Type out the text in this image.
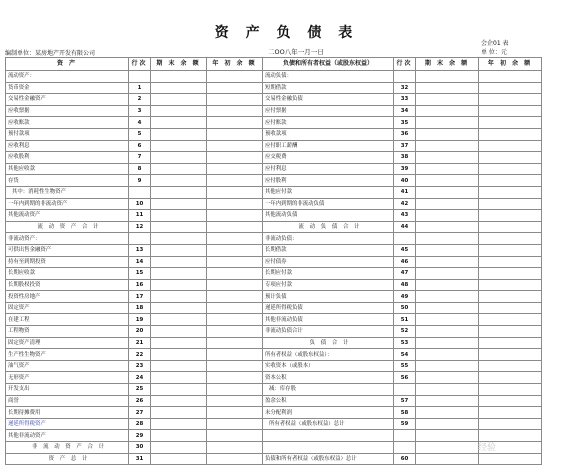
资 产 负 债 表
会企01 表
单 位：元
编制单位：某房地产开发有限公司	二OO八年一月一日
资 产	行次	期 末 余 额	年 初 余 额	负债和所有者权益（或股东权益）	行次	期 末 余 额	年 初 余 额
流动资产：				流动负债：			
货币资金	1			短期借款	32		
交易性金融资产	2			交易性金融负债	33		
应收票据	3			应付票据	34		
应收账款	4			应付账款	35		
预付款项	5			预收款项	36		
应收利息	6			应付职工薪酬	37		
应收股利	7			应交税费	38		
其他应收款	8			应付利息	39		
存货	9			应付股利	40		
其中：消耗性生物资产				其他应付款	41		
一年内到期的非流动资产	10			一年内到期的非流动负债	42		
其他流动资产	11			其他流动负债	43		
流 动 资 产 合 计	12			流 动 负 债 合 计	44		
非流动资产：				非流动负债：			
可供出售金融资产	13			长期借款	45		
持有至到期投资	14			应付债券	46		
长期应收款	15			长期应付款	47		
长期股权投资	16			专项应付款	48		
投资性房地产	17			预计负债	49		
固定资产	18			递延所得税负债	50		
在建工程	19			其他非流动负债	51		
工程物资	20			非流动负债合计	52		
固定资产清理	21			负 债 合 计	53		
生产性生物资产	22			所有者权益（或股东权益）：	54		
油气资产	23			实收资本（或股本）	55		
无形资产	24			资本公积	56		
开发支出	25			减：库存股			
商誉	26			盈余公积	57		
长期待摊费用	27			未分配利润	58		
递延所得税资产	28			所有者权益（或股东权益）总计	59		
其他非流动资产	29						
非 流 动 资 产 合 计	30						
资 产 总 计	31			负债和所有者权益（或股东权益）总计	60		
经验
